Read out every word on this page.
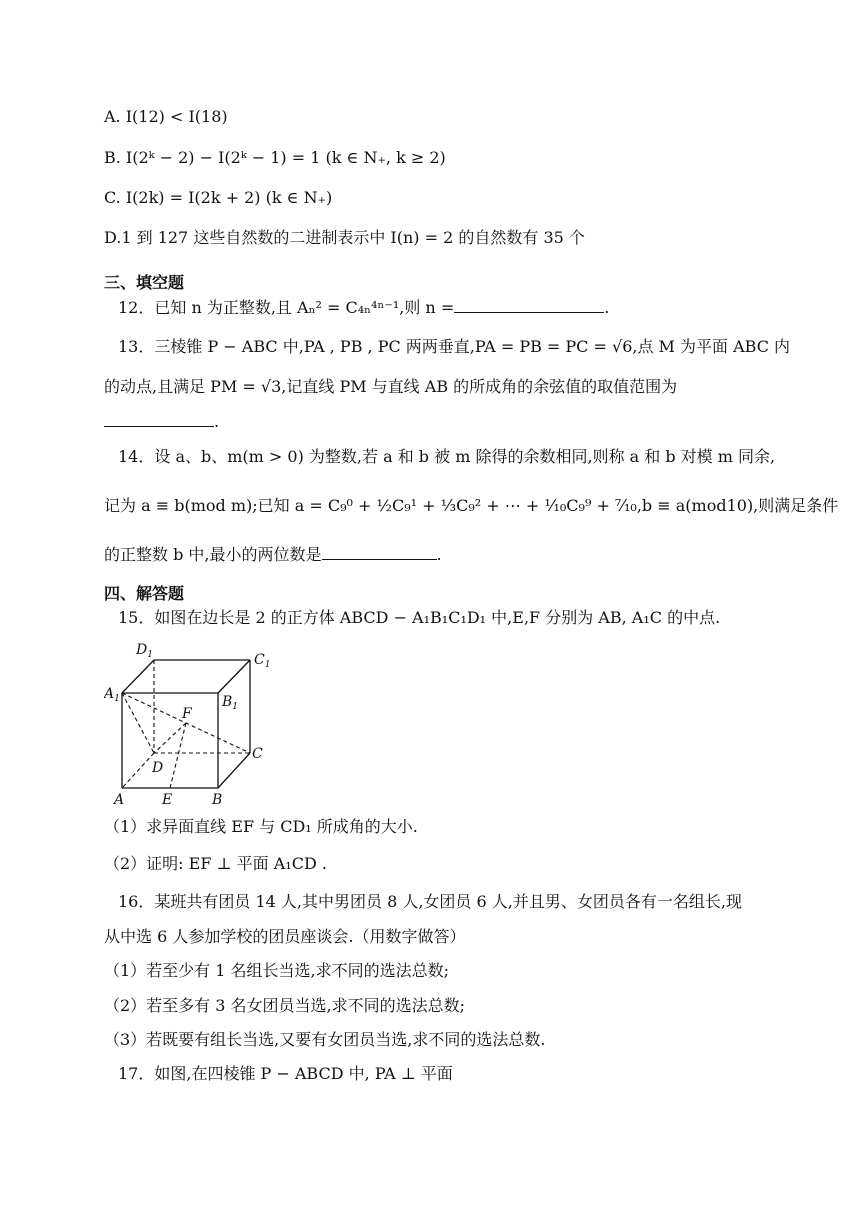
A. I(12) < I(18)
B. I(2ᵏ − 2) − I(2ᵏ − 1) = 1 (k ∈ N₊, k ≥ 2)
C. I(2k) = I(2k + 2) (k ∈ N₊)
D.1 到 127 这些自然数的二进制表示中 I(n) = 2 的自然数有 35 个
三、填空题
12．已知 n 为正整数,且 Aₙ² = C₄ₙ⁴ⁿ⁻¹,则 n =	.
13．三棱锥 P − ABC 中,PA , PB , PC 两两垂直,PA = PB = PC = √6,点 M 为平面 ABC 内
的动点,且满足 PM = √3,记直线 PM 与直线 AB 的所成角的余弦值的取值范围为
.
14．设 a、b、m(m > 0) 为整数,若 a 和 b 被 m 除得的余数相同,则称 a 和 b 对模 m 同余,
记为 a ≡ b(mod m);已知 a = C₉⁰ + ½C₉¹ + ⅓C₉² + ⋯ + ¹⁄₁₀C₉⁹ + ⁷⁄₁₀,b ≡ a(mod10),则满足条件
的正整数 b 中,最小的两位数是	.
四、解答题
15．如图在边长是 2 的正方体 ABCD − A₁B₁C₁D₁ 中,E,F 分别为 AB, A₁C 的中点.
$D_1$	$C_1$
$A_1$	$B_1$
F
C
D
A	E	B
（1）求异面直线 EF 与 CD₁ 所成角的大小.
（2）证明: EF ⊥ 平面 A₁CD .
16．某班共有团员 14 人,其中男团员 8 人,女团员 6 人,并且男、女团员各有一名组长,现
从中选 6 人参加学校的团员座谈会.（用数字做答）
（1）若至少有 1 名组长当选,求不同的选法总数;
（2）若至多有 3 名女团员当选,求不同的选法总数;
（3）若既要有组长当选,又要有女团员当选,求不同的选法总数.
17．如图,在四棱锥 P − ABCD 中, PA ⊥ 平面
